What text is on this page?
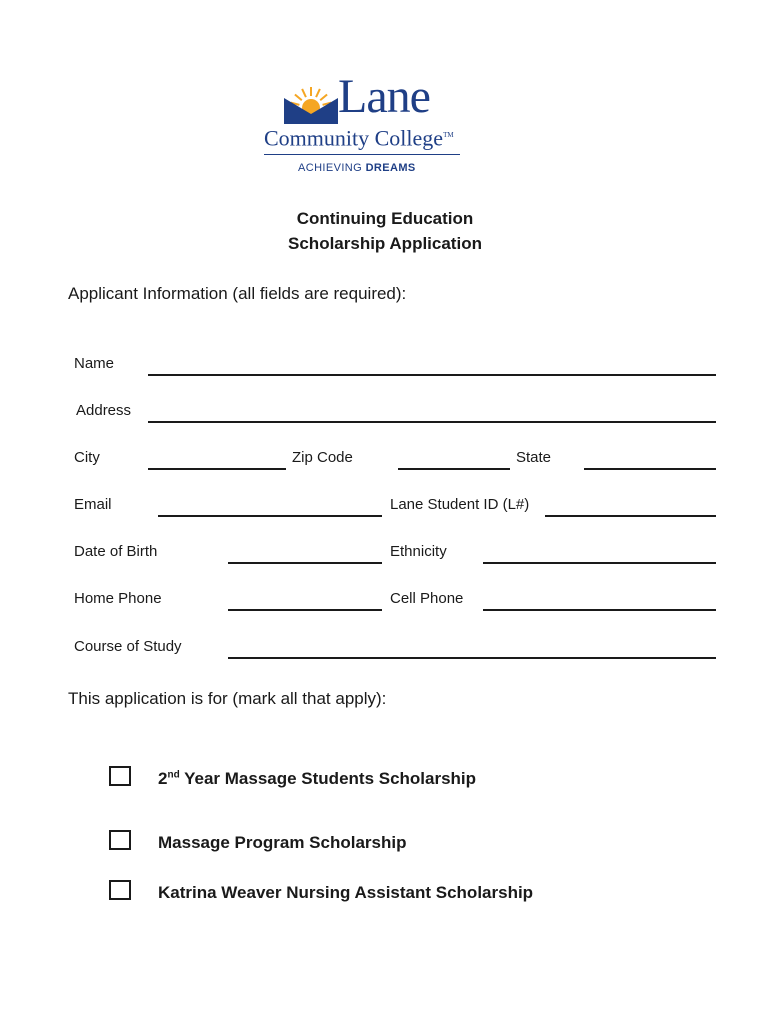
Lane
Community College™
ACHIEVING DREAMS
Continuing Education
Scholarship Application
Applicant Information (all fields are required):
Name
Address
City	Zip Code	State
Email	Lane Student ID (L#)
Date of Birth	Ethnicity
Home Phone	Cell Phone
Course of Study
This application is for (mark all that apply):
2nd Year Massage Students Scholarship
Massage Program Scholarship
Katrina Weaver Nursing Assistant Scholarship
